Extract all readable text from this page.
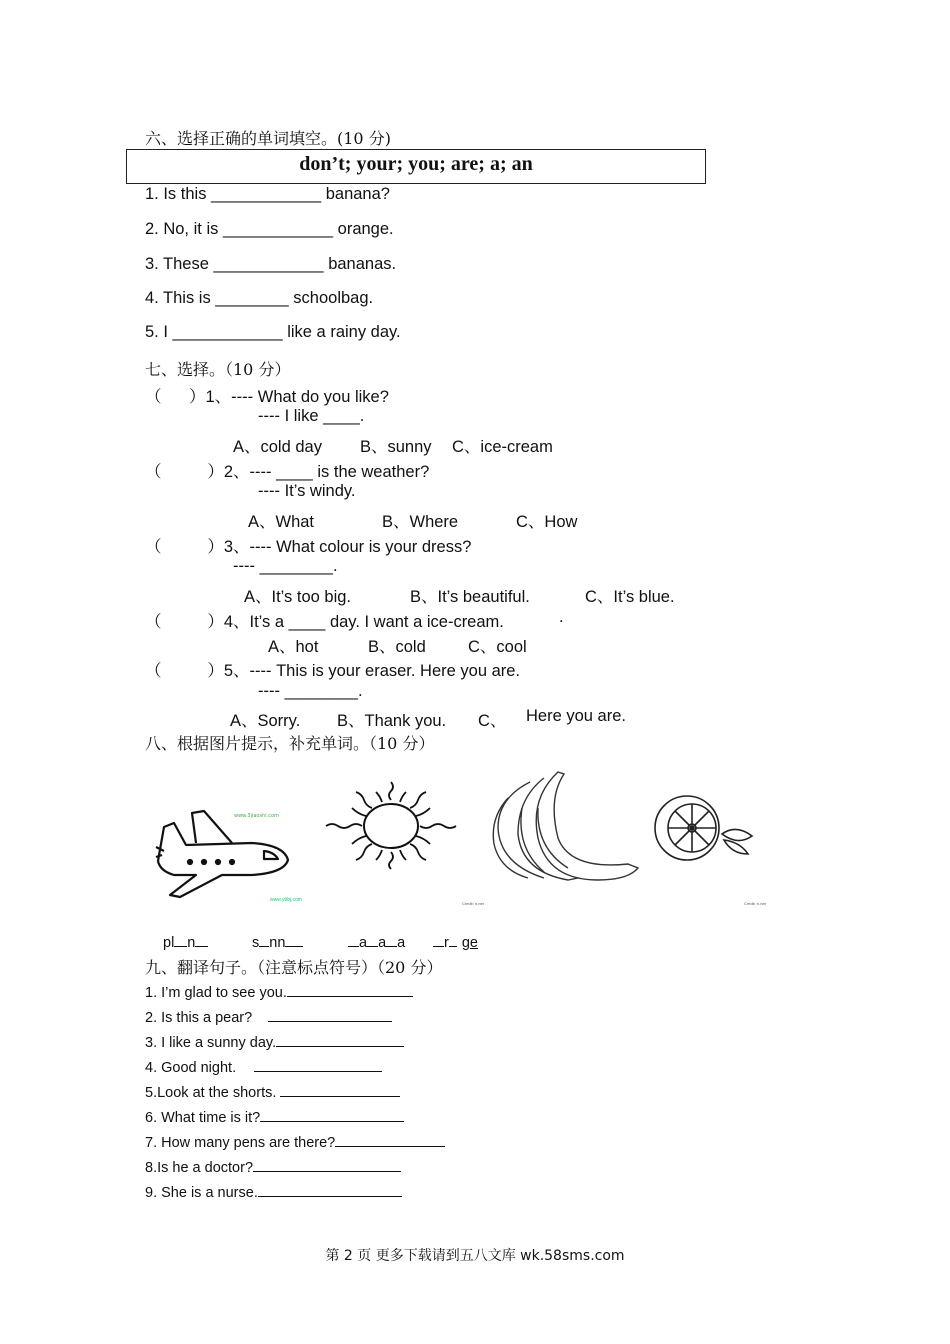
六、选择正确的单词填空。(10 分)
don’t; your; you; are; a; an
1. Is this ____________ banana?
2. No, it is ____________ orange.
3. These ____________ bananas.
4. This is ________ schoolbag.
5. I ____________ like a rainy day.
七、选择。（10 分）
（      ）1、---- What do you like?
---- I like ____.
A、cold day B、sunny C、ice-cream
（          ）2、---- ____ is the weather?
---- It’s windy.
A、What	B、Where	C、How
（          ）3、---- What colour is your dress?
---- ________.
A、It’s too big.	B、It’s beautiful.	C、It’s blue.
（          ）4、It’s a ____ day. I want a ice-cream.	.
A、hot	B、cold	C、cool
（          ）5、---- This is your eraser. Here you are.
---- ________.
A、Sorry. B、Thank you. C、 Here you are.
八、根据图片提示，补充单词。（10 分）
www.3jiaoshi.com
www.ybbj.com
Credit: n.net	Credit: n.net
pl n	s nn	a a a	r ge
九、翻译句子。（注意标点符号）（20 分）
1. I’m glad to see you.
2. Is this a pear?
3. I like a sunny day.
4. Good night.
5.Look at the shorts.
6. What time is it?
7. How many pens are there?
8.Is he a doctor?
9. She is a nurse.
第 2 页 更多下载请到五八文库 wk.58sms.com
